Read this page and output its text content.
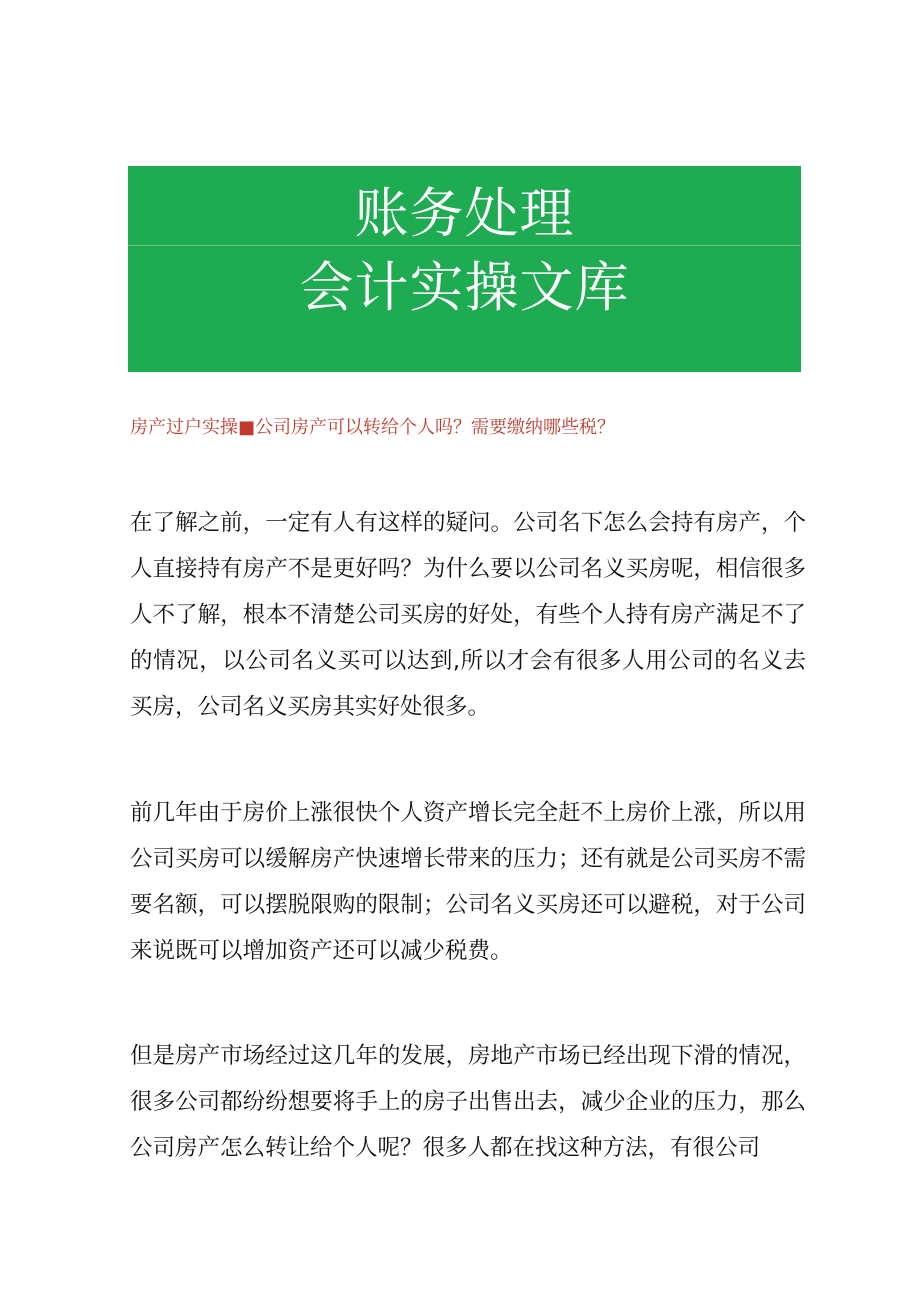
账务处理
会计实操文库
房产过户实操■公司房产可以转给个人吗？需要缴纳哪些税？

在了解之前，一定有人有这样的疑问。公司名下怎么会持有房产，个人直接持有房产不是更好吗？为什么要以公司名义买房呢，相信很多人不了解，根本不清楚公司买房的好处，有些个人持有房产满足不了的情况，以公司名义买可以达到,所以才会有很多人用公司的名义去买房，公司名义买房其实好处很多。

前几年由于房价上涨很快个人资产增长完全赶不上房价上涨，所以用公司买房可以缓解房产快速增长带来的压力；还有就是公司买房不需要名额，可以摆脱限购的限制；公司名义买房还可以避税，对于公司来说既可以增加资产还可以减少税费。

但是房产市场经过这几年的发展，房地产市场已经出现下滑的情况，很多公司都纷纷想要将手上的房子出售出去，减少企业的压力，那么公司房产怎么转让给个人呢？很多人都在找这种方法，有很公司
